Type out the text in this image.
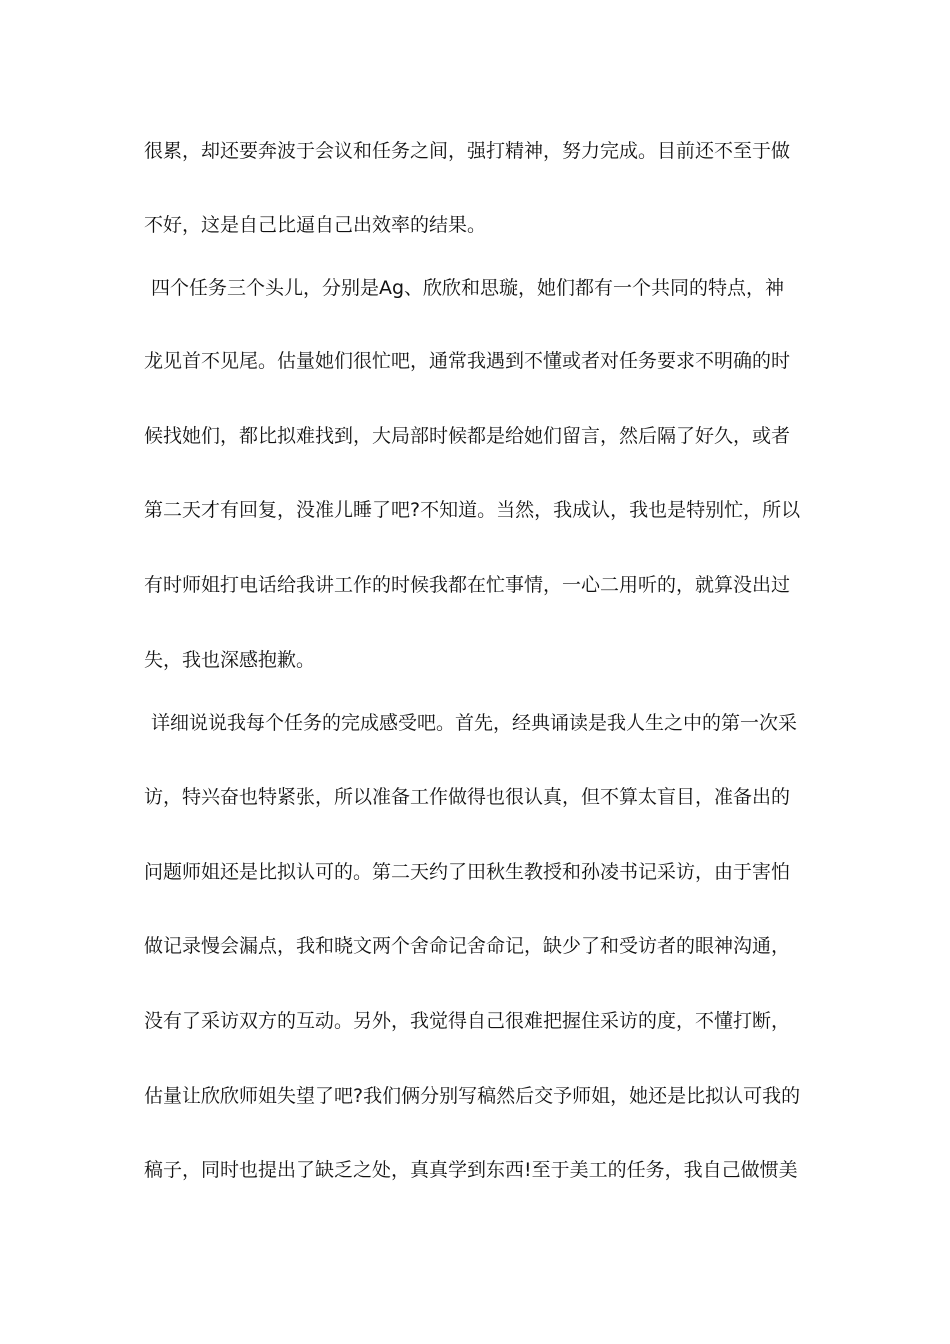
很累，却还要奔波于会议和任务之间，强打精神，努力完成。目前还不至于做
不好，这是自己比逼自己出效率的结果。
四个任务三个头儿，分别是Ag、欣欣和思璇，她们都有一个共同的特点，神
龙见首不见尾。估量她们很忙吧，通常我遇到不懂或者对任务要求不明确的时
候找她们，都比拟难找到，大局部时候都是给她们留言，然后隔了好久，或者
第二天才有回复，没准儿睡了吧?不知道。当然，我成认，我也是特别忙，所以
有时师姐打电话给我讲工作的时候我都在忙事情，一心二用听的，就算没出过
失，我也深感抱歉。
详细说说我每个任务的完成感受吧。首先，经典诵读是我人生之中的第一次采
访，特兴奋也特紧张，所以准备工作做得也很认真，但不算太盲目，准备出的
问题师姐还是比拟认可的。第二天约了田秋生教授和孙凌书记采访，由于害怕
做记录慢会漏点，我和晓文两个舍命记舍命记，缺少了和受访者的眼神沟通，
没有了采访双方的互动。另外，我觉得自己很难把握住采访的度，不懂打断，
估量让欣欣师姐失望了吧?我们俩分别写稿然后交予师姐，她还是比拟认可我的
稿子，同时也提出了缺乏之处，真真学到东西!至于美工的任务，我自己做惯美
